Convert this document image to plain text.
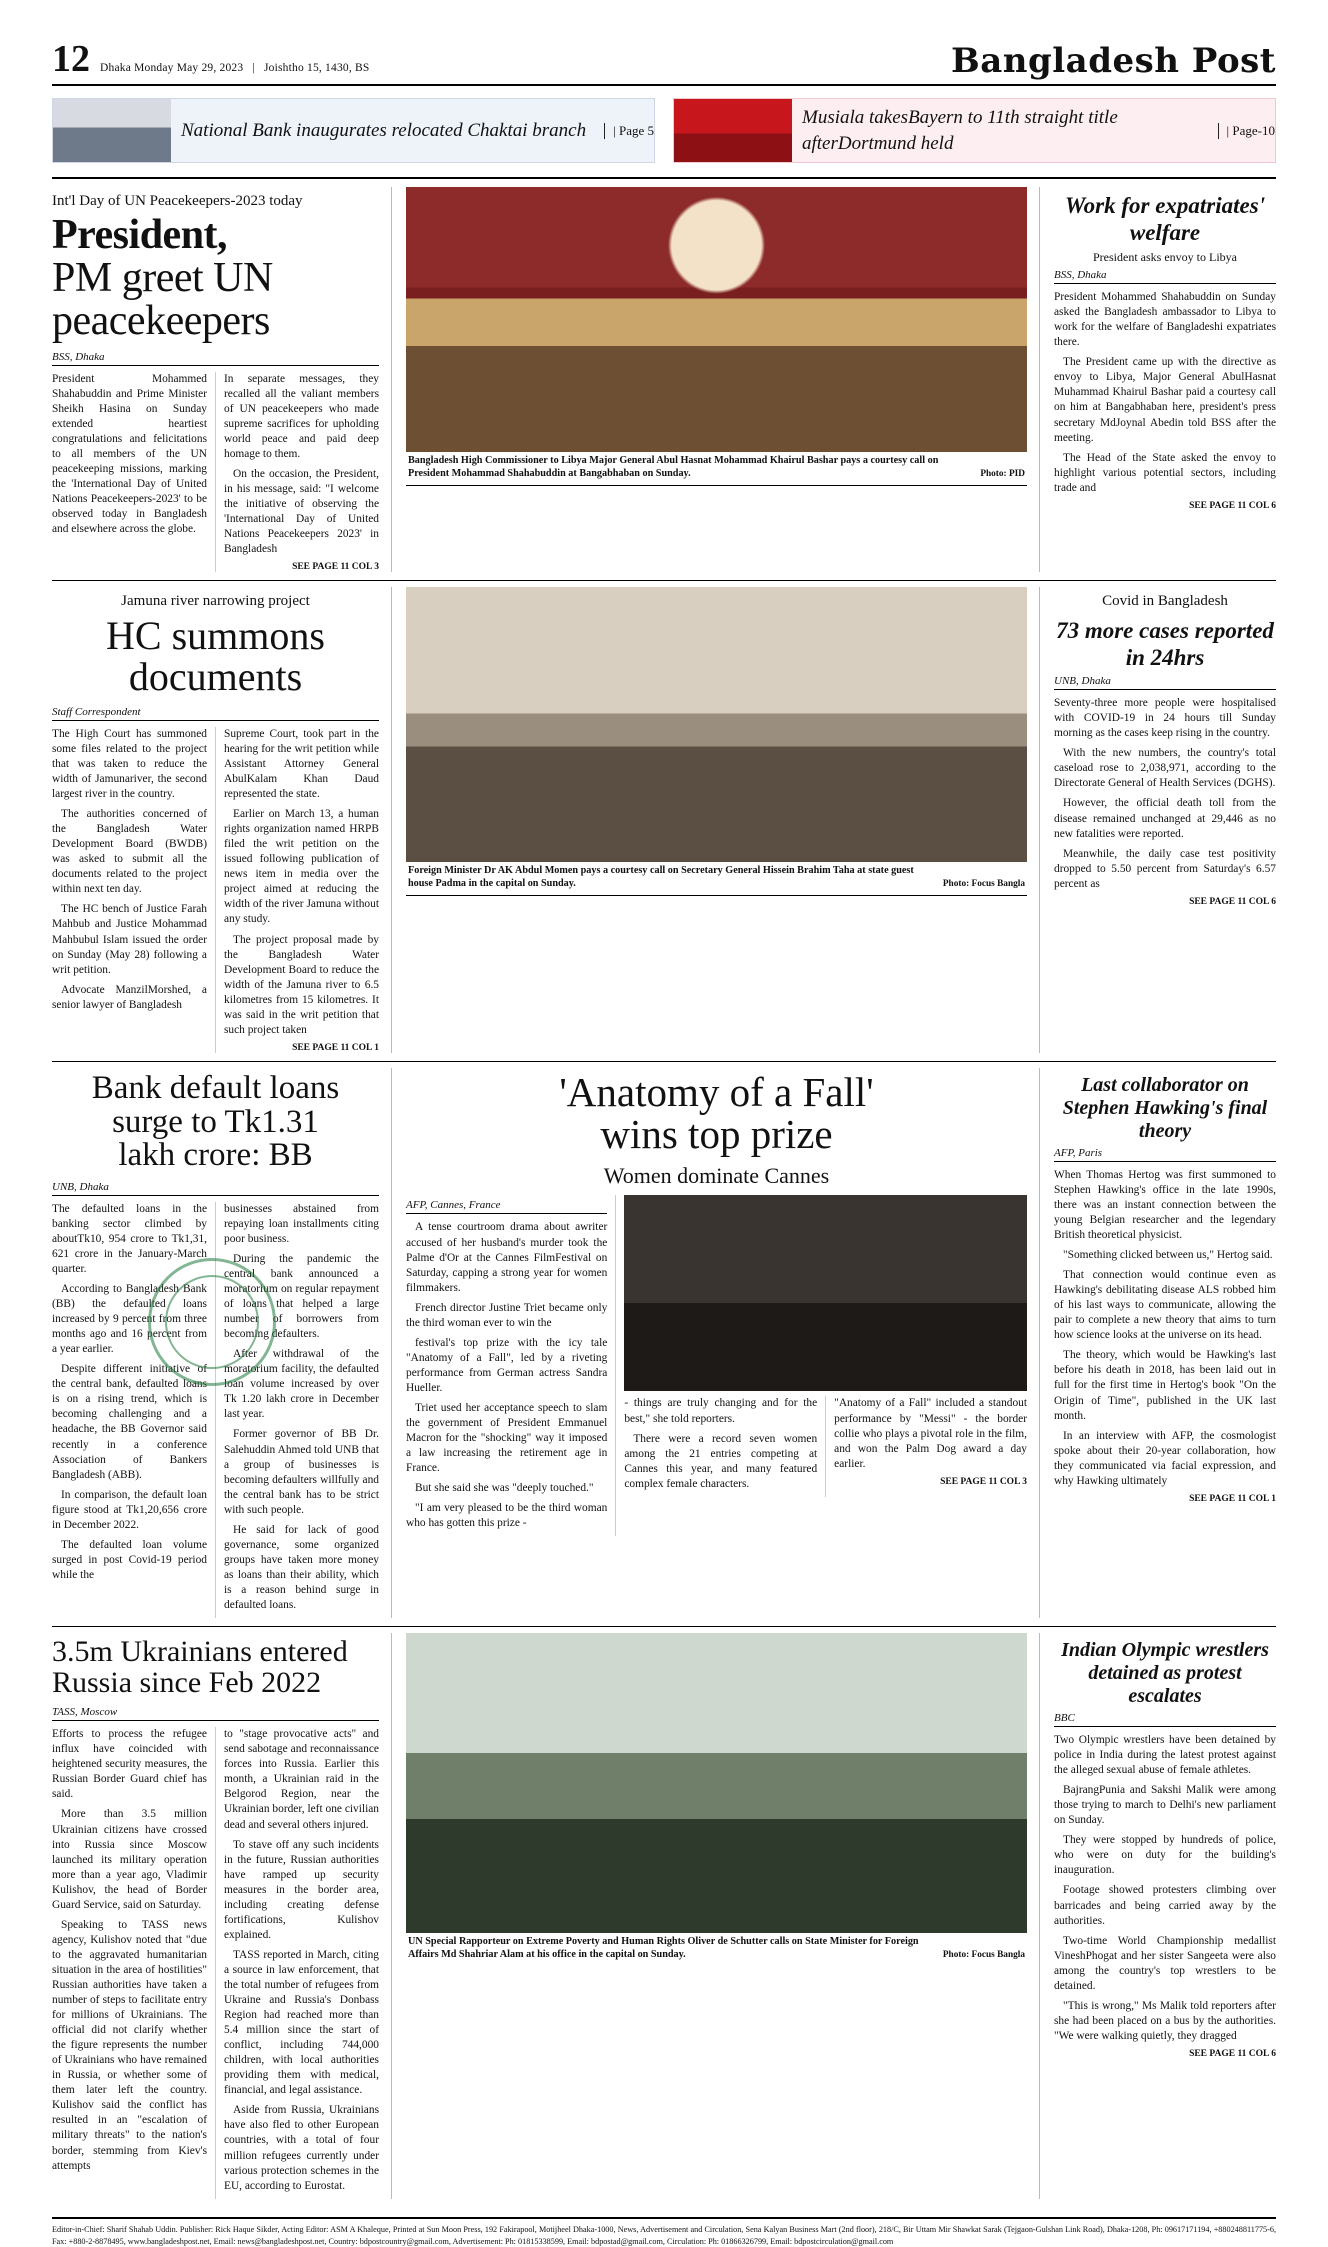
12 Dhaka Monday May 29, 2023 | Joishtho 15, 1430, BS	Bangladesh Post
National Bank inaugurates relocated Chaktai branch	| Page 5
Musiala takesBayern to 11th straight title afterDortmund held
| Page-10
Int'l Day of UN Peacekeepers-2023 today
President,
PM greet UN
peacekeepers
BSS, Dhaka

President Mohammed Shahabuddin and Prime Minister Sheikh Hasina on Sunday extended heartiest congratulations and felicitations to all members of the UN peacekeeping missions, marking the 'International Day of United Nations Peacekeepers-2023' to be observed today in Bangladesh and elsewhere across the globe.

In separate messages, they recalled all the valiant members of UN peacekeepers who made supreme sacrifices for upholding world peace and paid deep homage to them.

On the occasion, the President, in his message, said: "I welcome the initiative of observing the 'International Day of United Nations Peacekeepers 2023' in Bangladesh

SEE PAGE 11 COL 3
Bangladesh High Commissioner to Libya Major General Abul Hasnat Mohammad Khairul Bashar pays a courtesy call on President Mohammad Shahabuddin at Bangabhaban on Sunday.	Photo: PID
Work for expatriates' welfare
President asks envoy to Libya
BSS, Dhaka

President Mohammed Shahabuddin on Sunday asked the Bangladesh ambassador to Libya to work for the welfare of Bangladeshi expatriates there.

The President came up with the directive as envoy to Libya, Major General AbulHasnat Muhammad Khairul Bashar paid a courtesy call on him at Bangabhaban here, president's press secretary MdJoynal Abedin told BSS after the meeting.

The Head of the State asked the envoy to highlight various potential sectors, including trade and

SEE PAGE 11 COL 6
Jamuna river narrowing project
HC summons
documents
Staff Correspondent

The High Court has summoned some files related to the project that was taken to reduce the width of Jamunariver, the second largest river in the country.

The authorities concerned of the Bangladesh Water Development Board (BWDB) was asked to submit all the documents related to the project within next ten day.

The HC bench of Justice Farah Mahbub and Justice Mohammad Mahbubul Islam issued the order on Sunday (May 28) following a writ petition.

Advocate ManzilMorshed, a senior lawyer of Bangladesh

Supreme Court, took part in the hearing for the writ petition while Assistant Attorney General AbulKalam Khan Daud represented the state.

Earlier on March 13, a human rights organization named HRPB filed the writ petition on the issued following publication of news item in media over the project aimed at reducing the width of the river Jamuna without any study.

The project proposal made by the Bangladesh Water Development Board to reduce the width of the Jamuna river to 6.5 kilometres from 15 kilometres. It was said in the writ petition that such project taken

SEE PAGE 11 COL 1
Foreign Minister Dr AK Abdul Momen pays a courtesy call on Secretary General Hissein Brahim Taha at state guest house Padma in the capital on Sunday.	Photo: Focus Bangla
Covid in Bangladesh
73 more cases reported in 24hrs
UNB, Dhaka

Seventy-three more people were hospitalised with COVID-19 in 24 hours till Sunday morning as the cases keep rising in the country.

With the new numbers, the country's total caseload rose to 2,038,971, according to the Directorate General of Health Services (DGHS).

However, the official death toll from the disease remained unchanged at 29,446 as no new fatalities were reported.

Meanwhile, the daily case test positivity dropped to 5.50 percent from Saturday's 6.57 percent as

SEE PAGE 11 COL 6
Bank default loans
surge to Tk1.31
lakh crore: BB
UNB, Dhaka

The defaulted loans in the banking sector climbed by aboutTk10, 954 crore to Tk1,31, 621 crore in the January-March quarter.

According to Bangladesh Bank (BB) the defaulted loans increased by 9 percent from three months ago and 16 percent from a year earlier.

Despite different initiative of the central bank, defaulted loans is on a rising trend, which is becoming challenging and a headache, the BB Governor said recently in a conference Association of Bankers Bangladesh (ABB).

In comparison, the default loan figure stood at Tk1,20,656 crore in December 2022.

The defaulted loan volume surged in post Covid-19 period while the

businesses abstained from repaying loan installments citing poor business.

During the pandemic the central bank announced a moratorium on regular repayment of loans that helped a large number of borrowers from becoming defaulters.

After withdrawal of the moratorium facility, the defaulted loan volume increased by over Tk 1.20 lakh crore in December last year.

Former governor of BB Dr. Salehuddin Ahmed told UNB that a group of businesses is becoming defaulters willfully and the central bank has to be strict with such people.

He said for lack of good governance, some organized groups have taken more money as loans than their ability, which is a reason behind surge in defaulted loans.

'Anatomy of a Fall'
wins top prize
Women dominate Cannes
AFP, Cannes, France

A tense courtroom drama about awriter accused of her husband's murder took the Palme d'Or at the Cannes FilmFestival on Saturday, capping a strong year for women filmmakers.

French director Justine Triet became only the third woman ever to win the

festival's top prize with the icy tale "Anatomy of a Fall", led by a riveting performance from German actress Sandra Hueller.

Triet used her acceptance speech to slam the government of President Emmanuel Macron for the "shocking" way it imposed a law increasing the retirement age in France.

But she said she was "deeply touched."

"I am very pleased to be the third woman who has gotten this prize -

- things are truly changing and for the best," she told reporters.

There were a record seven women among the 21 entries competing at Cannes this year, and many featured complex female characters.

"Anatomy of a Fall" included a standout performance by "Messi" - the border collie who plays a pivotal role in the film, and won the Palm Dog award a day earlier.

SEE PAGE 11 COL 3
Last collaborator on Stephen Hawking's final theory
AFP, Paris

When Thomas Hertog was first summoned to Stephen Hawking's office in the late 1990s, there was an instant connection between the young Belgian researcher and the legendary British theoretical physicist.

"Something clicked between us," Hertog said.

That connection would continue even as Hawking's debilitating disease ALS robbed him of his last ways to communicate, allowing the pair to complete a new theory that aims to turn how science looks at the universe on its head.

The theory, which would be Hawking's last before his death in 2018, has been laid out in full for the first time in Hertog's book "On the Origin of Time", published in the UK last month.

In an interview with AFP, the cosmologist spoke about their 20-year collaboration, how they communicated via facial expression, and why Hawking ultimately

SEE PAGE 11 COL 1
3.5m Ukrainians entered
Russia since Feb 2022
TASS, Moscow

Efforts to process the refugee influx have coincided with heightened security measures, the Russian Border Guard chief has said.

More than 3.5 million Ukrainian citizens have crossed into Russia since Moscow launched its military operation more than a year ago, Vladimir Kulishov, the head of Border Guard Service, said on Saturday.

Speaking to TASS news agency, Kulishov noted that "due to the aggravated humanitarian situation in the area of hostilities" Russian authorities have taken a number of steps to facilitate entry for millions of Ukrainians. The official did not clarify whether the figure represents the number of Ukrainians who have remained in Russia, or whether some of them later left the country. Kulishov said the conflict has resulted in an "escalation of military threats" to the nation's border, stemming from Kiev's attempts

to "stage provocative acts" and send sabotage and reconnaissance forces into Russia. Earlier this month, a Ukrainian raid in the Belgorod Region, near the Ukrainian border, left one civilian dead and several others injured.

To stave off any such incidents in the future, Russian authorities have ramped up security measures in the border area, including creating defense fortifications, Kulishov explained.

TASS reported in March, citing a source in law enforcement, that the total number of refugees from Ukraine and Russia's Donbass Region had reached more than 5.4 million since the start of conflict, including 744,000 children, with local authorities providing them with medical, financial, and legal assistance.

Aside from Russia, Ukrainians have also fled to other European countries, with a total of four million refugees currently under various protection schemes in the EU, according to Eurostat.

UN Special Rapporteur on Extreme Poverty and Human Rights Oliver de Schutter calls on State Minister for Foreign Affairs Md Shahriar Alam at his office in the capital on Sunday.	Photo: Focus Bangla
Indian Olympic wrestlers detained as protest escalates
BBC

Two Olympic wrestlers have been detained by police in India during the latest protest against the alleged sexual abuse of female athletes.

BajrangPunia and Sakshi Malik were among those trying to march to Delhi's new parliament on Sunday.

They were stopped by hundreds of police, who were on duty for the building's inauguration.

Footage showed protesters climbing over barricades and being carried away by the authorities.

Two-time World Championship medallist VineshPhogat and her sister Sangeeta were also among the country's top wrestlers to be detained.

"This is wrong," Ms Malik told reporters after she had been placed on a bus by the authorities. "We were walking quietly, they dragged

SEE PAGE 11 COL 6
Editor-in-Chief: Sharif Shahab Uddin. Publisher: Rick Haque Sikder, Acting Editor: ASM A Khaleque, Printed at Sun Moon Press, 192 Fakirapool, Motijheel Dhaka-1000, News, Advertisement and Circulation, Sena Kalyan Business Mart (2nd floor), 218/C, Bir Uttam Mir Shawkat Sarak (Tejgaon-Gulshan Link Road), Dhaka-1208, Ph: 09617171194, +880248811775-6, Fax: +880-2-8878495, www.bangladeshpost.net, Email: news@bangladeshpost.net, Country: bdpostcountry@gmail.com, Advertisement: Ph: 01815338599, Email: bdpostad@gmail.com, Circulation: Ph: 01866326799, Email: bdpostcirculation@gmail.com
